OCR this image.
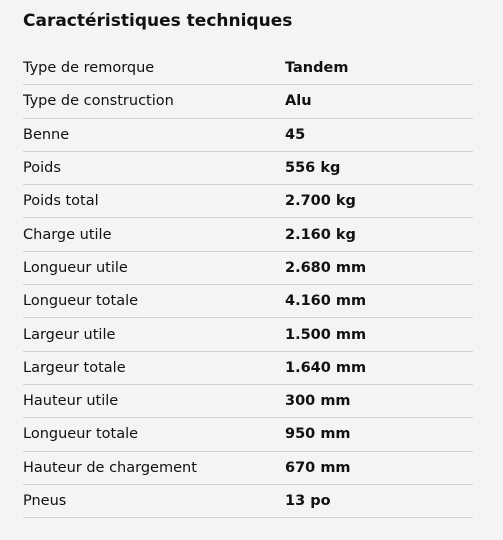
Caractéristiques techniques
Type de remorque	Tandem
Type de construction	Alu
Benne	45
Poids	556 kg
Poids total	2.700 kg
Charge utile	2.160 kg
Longueur utile	2.680 mm
Longueur totale	4.160 mm
Largeur utile	1.500 mm
Largeur totale	1.640 mm
Hauteur utile	300 mm
Longueur totale	950 mm
Hauteur de chargement	670 mm
Pneus	13 po
